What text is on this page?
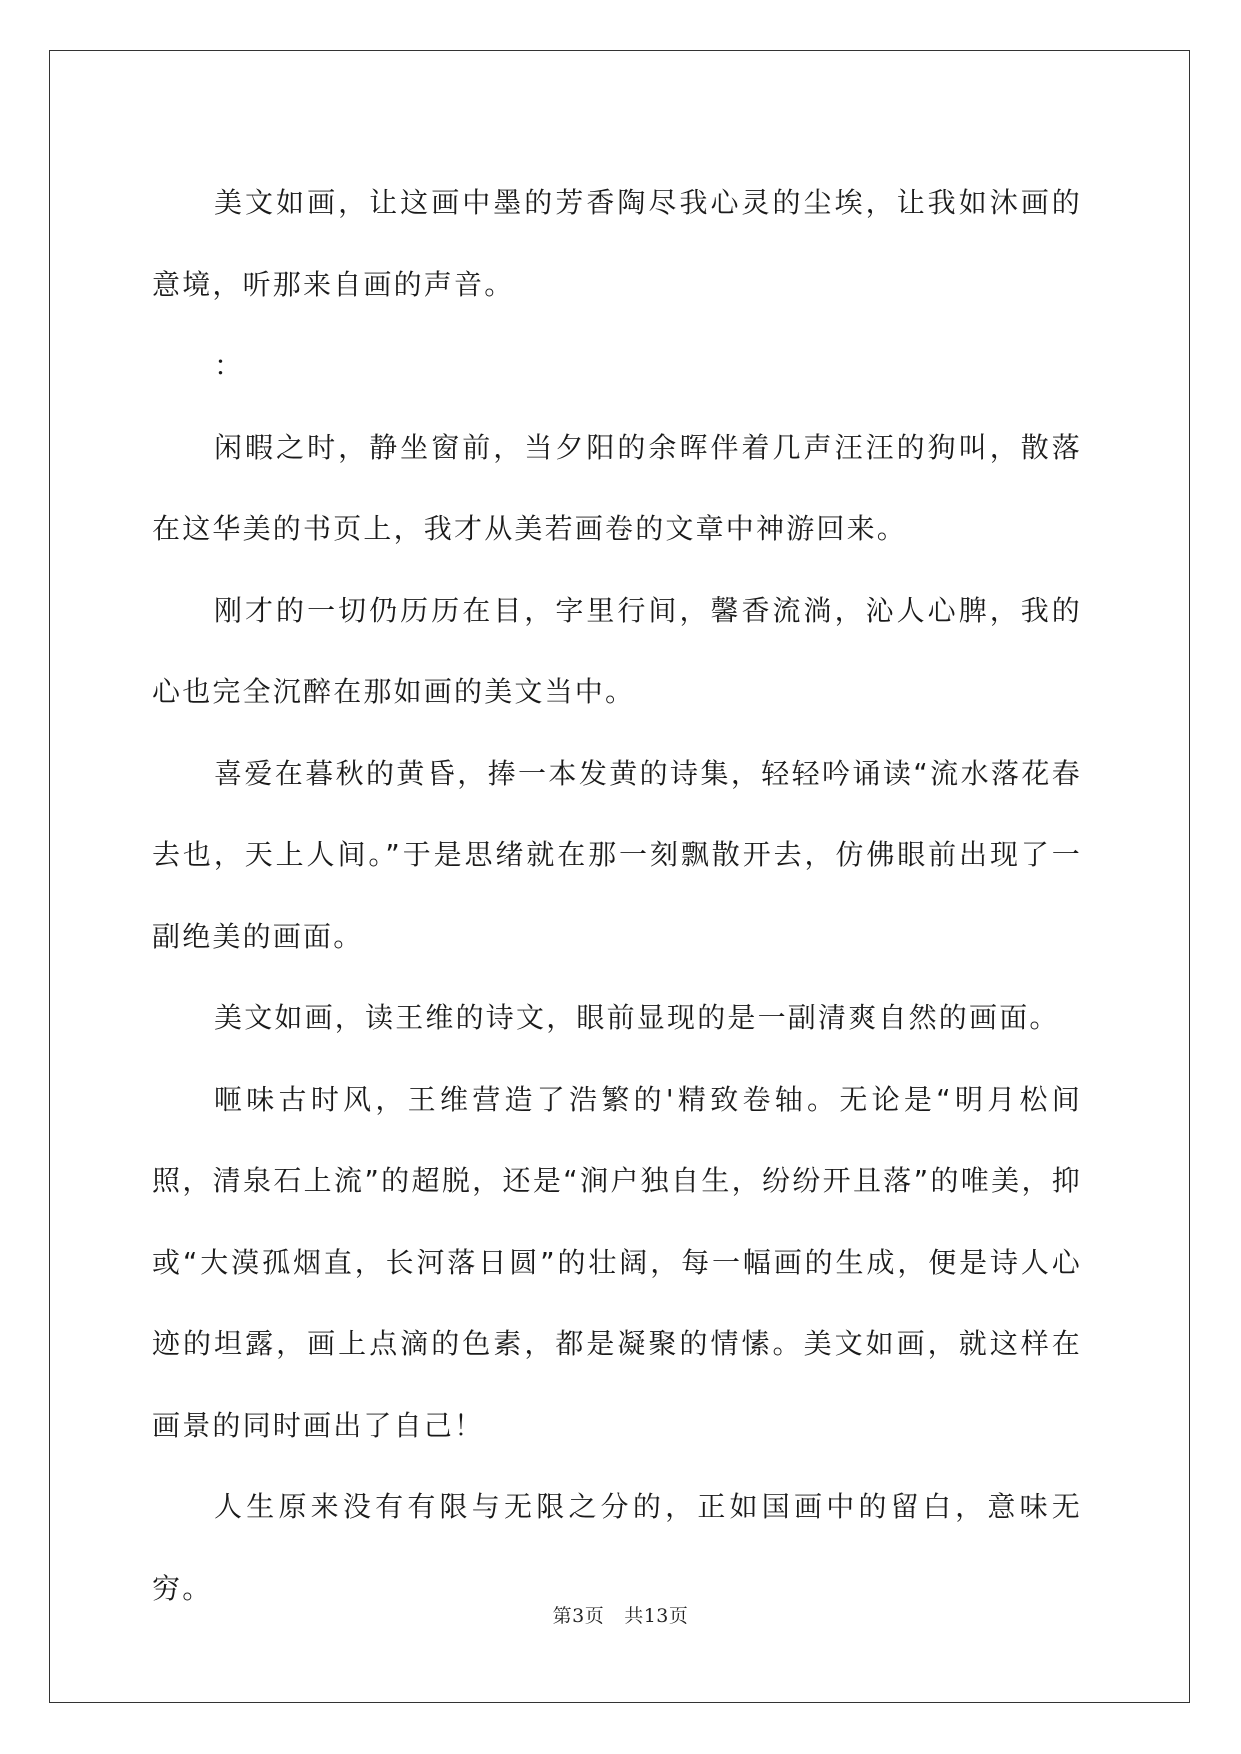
美文如画，让这画中墨的芳香陶尽我心灵的尘埃，让我如沐画的意境，听那来自画的声音。

：

闲暇之时，静坐窗前，当夕阳的余晖伴着几声汪汪的狗叫，散落在这华美的书页上，我才从美若画卷的文章中神游回来。

刚才的一切仍历历在目，字里行间，馨香流淌，沁人心脾，我的心也完全沉醉在那如画的美文当中。

喜爱在暮秋的黄昏，捧一本发黄的诗集，轻轻吟诵读“流水落花春去也，天上人间。”于是思绪就在那一刻飘散开去，仿佛眼前出现了一副绝美的画面。

美文如画，读王维的诗文，眼前显现的是一副清爽自然的画面。

咂味古时风，王维营造了浩繁的'精致卷轴。无论是“明月松间照，清泉石上流”的超脱，还是“涧户独自生，纷纷开且落”的唯美，抑或“大漠孤烟直，长河落日圆”的壮阔，每一幅画的生成，便是诗人心迹的坦露，画上点滴的色素，都是凝聚的情愫。美文如画，就这样在画景的同时画出了自己！

人生原来没有有限与无限之分的，正如国画中的留白，意味无穷。

第3页 共13页
